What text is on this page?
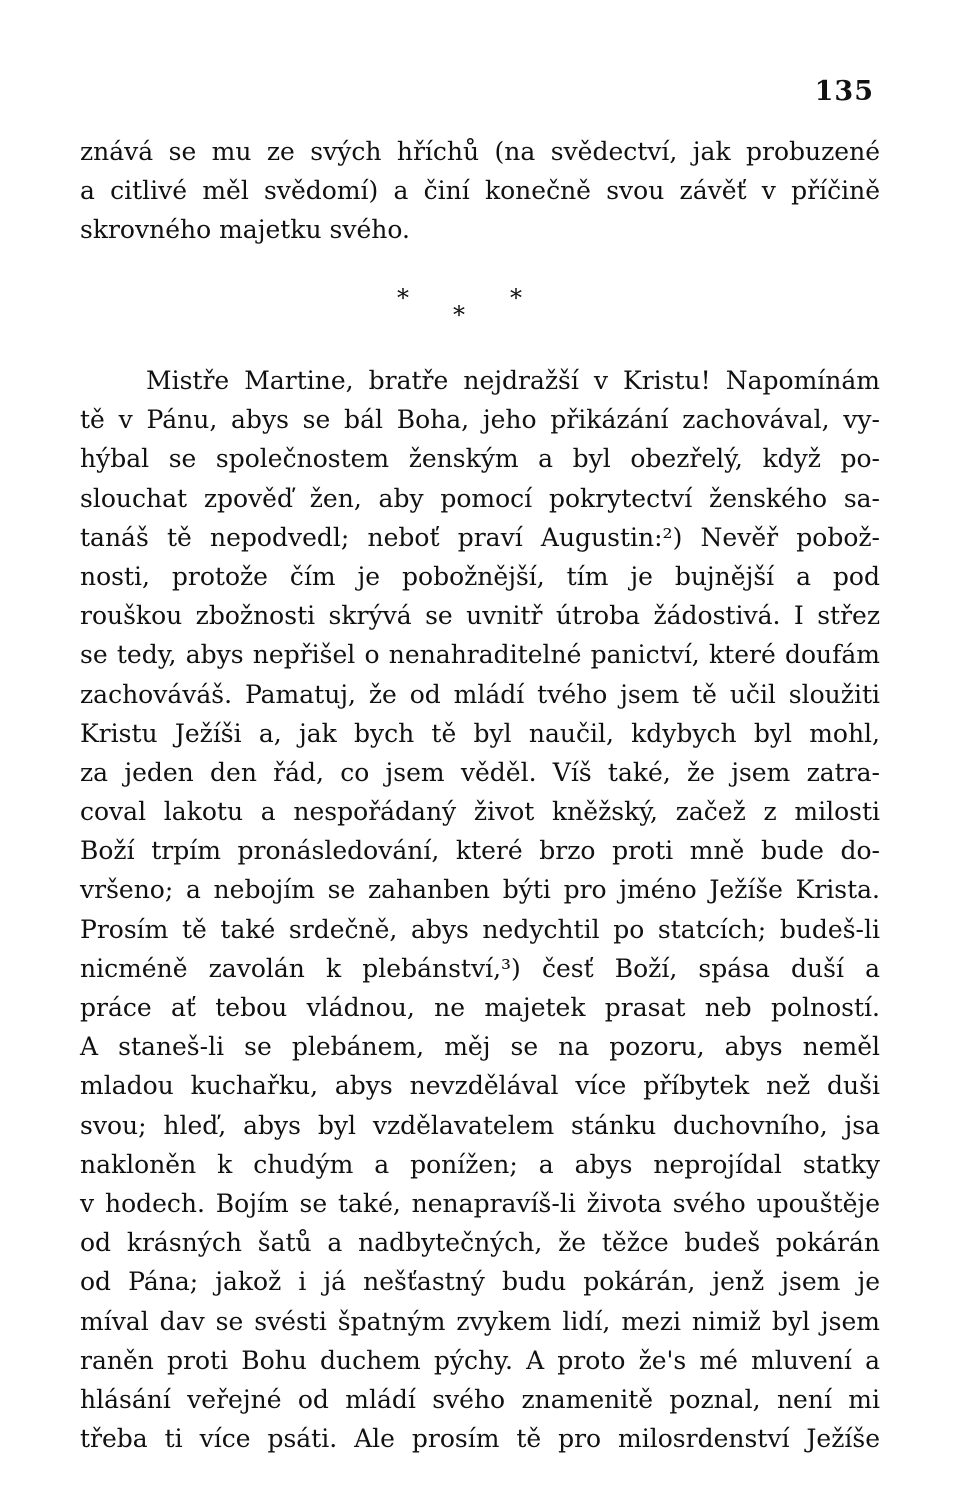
135
znává se mu ze svých hříchů (na svědectví, jak probuzené
a citlivé měl svědomí) a činí konečně svou závěť v příčině
skrovného majetku svého.
*	*
*
Mistře Martine, bratře nejdražší v Kristu! Napomínám
tě v Pánu, abys se bál Boha, jeho přikázání zachovával, vy-
hýbal se společnostem ženským a byl obezřelý, když po-
slouchat zpověď žen, aby pomocí pokrytectví ženského sa-
tanáš tě nepodvedl; neboť praví Augustin:²) Nevěř pobož-
nosti, protože čím je pobožnější, tím je bujnější a pod
rouškou zbožnosti skrývá se uvnitř útroba žádostivá. I střez
se tedy, abys nepřišel o nenahraditelné panictví, které doufám
zachováváš. Pamatuj, že od mládí tvého jsem tě učil sloužiti
Kristu Ježíši a, jak bych tě byl naučil, kdybych byl mohl,
za jeden den řád, co jsem věděl. Víš také, že jsem zatra-
coval lakotu a nespořádaný život kněžský, začež z milosti
Boží trpím pronásledování, které brzo proti mně bude do-
vršeno; a nebojím se zahanben býti pro jméno Ježíše Krista.
Prosím tě také srdečně, abys nedychtil po statcích; budeš-li
nicméně zavolán k plebánství,³) česť Boží, spása duší a
práce ať tebou vládnou, ne majetek prasat neb polností.
A staneš-li se plebánem, měj se na pozoru, abys neměl
mladou kuchařku, abys nevzdělával více příbytek než duši
svou; hleď, abys byl vzdělavatelem stánku duchovního, jsa
nakloněn k chudým a ponížen; a abys neprojídal statky
v hodech. Bojím se také, nenapravíš-li života svého upouštěje
od krásných šatů a nadbytečných, že těžce budeš pokárán
od Pána; jakož i já nešťastný budu pokárán, jenž jsem je
míval dav se svésti špatným zvykem lidí, mezi nimiž byl jsem
raněn proti Bohu duchem pýchy. A proto že's mé mluvení a
hlásání veřejné od mládí svého znamenitě poznal, není mi
třeba ti více psáti. Ale prosím tě pro milosrdenství Ježíše
